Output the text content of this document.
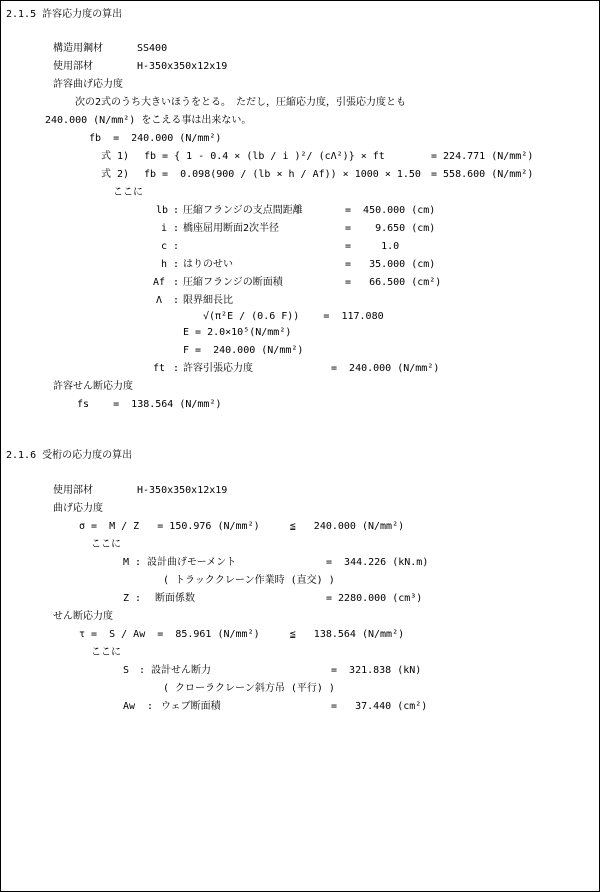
2.1.5 許容応力度の算出
構造用鋼材	SS400
使用部材	H-350x350x12x19
許容曲げ応力度
次の2式のうち大きいほうをとる。　ただし，圧縮応力度，引張応力度とも
240.000 (N/mm²) をこえる事は出来ない。
fb  =  240.000 (N/mm²)
式 1) fb = { 1 - 0.4 × (lb / i )²/ (cΛ²)} × ft	= 224.771 (N/mm²)
式 2) fb =  0.098(900 / (lb × h / Af)) × 1000 × 1.50 = 558.600 (N/mm²)
ここに
lb : 圧縮フランジの支点間距離	=  450.000 (cm)
i : 橋座屈用断面2次半径	=    9.650 (cm)
c :	=     1.0
h : はりのせい	=   35.000 (cm)
Af : 圧縮フランジの断面積	=   66.500 (cm²)
Λ : 限界細長比
√(π²E / (0.6 F))    =  117.080
E = 2.0×10⁵(N/mm²)
F =  240.000 (N/mm²)
ft : 許容引張応力度	=  240.000 (N/mm²)
許容せん断応力度
fs    =  138.564 (N/mm²)
2.1.6 受桁の応力度の算出
使用部材	H-350x350x12x19
曲げ応力度
σ =  M / Z   = 150.976 (N/mm²)     ≦   240.000 (N/mm²)
ここに
M : 設計曲げモーメント	=  344.226 (kN.m)
( トラッククレーン作業時 (直交) )
Z : 断面係数	= 2280.000 (cm³)
せん断応力度
τ =  S / Aw  =  85.961 (N/mm²)     ≦   138.564 (N/mm²)
ここに
S : 設計せん断力	=  321.838 (kN)
( クローラクレーン斜方吊 (平行) )
Aw : ウェブ断面積	=   37.440 (cm²)
